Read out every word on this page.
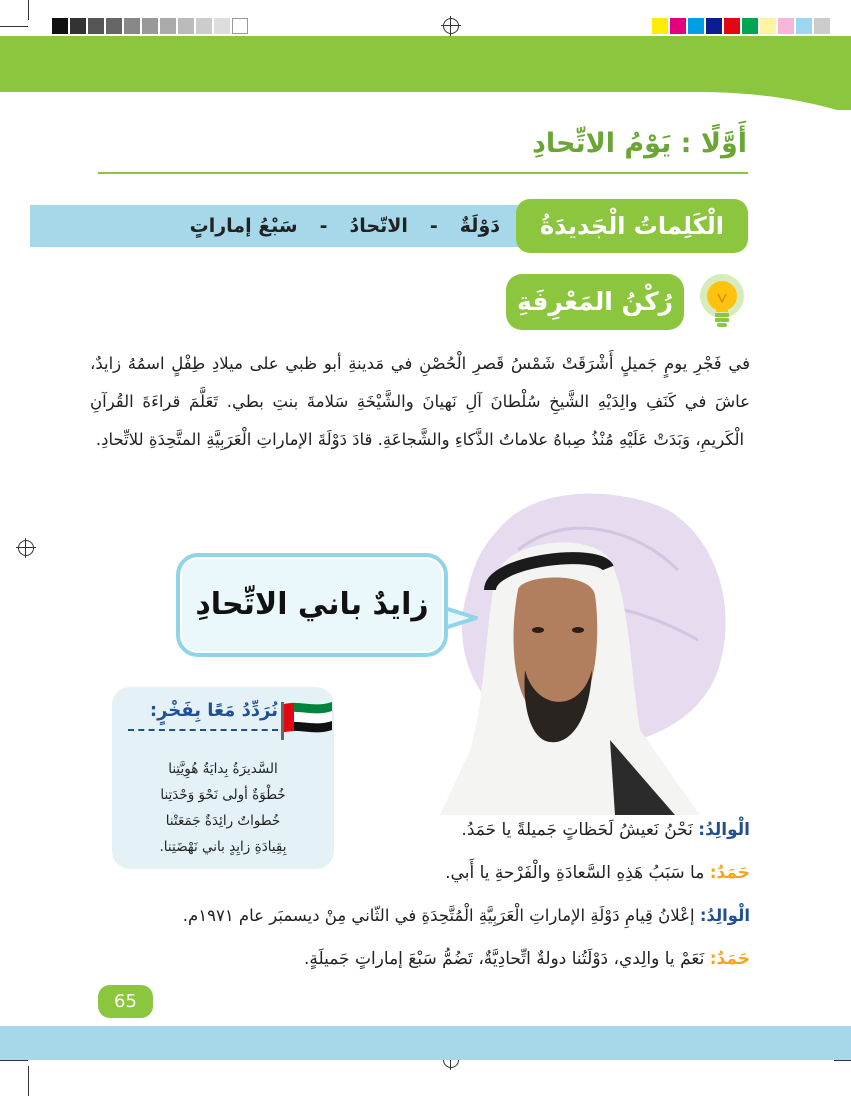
أَوَّلًا : يَوْمُ الاتِّحادِ
الْكَلِماتُ الْجَديدَةُ
دَوْلَةٌ
-
الاتّحادُ
-
سَبْعُ إماراتٍ
رُكْنُ المَعْرِفَةِ
في فَجْرِ يومٍ جَميلٍ أَشْرَقَتْ شَمْسُ قَصرِ الْحُصْنِ في مَدينةِ أبو ظبي على ميلادِ طِفْلٍ اسمُهُ زايدٌ، عاشَ في كَنَفِ والِدَيْهِ الشَّيخِ سُلْطانَ آلِ نَهيانَ والشَّيْخَةِ سَلامةَ بنتِ بطي. تَعَلَّمَ قراءَةَ القُرآنِ الْكَريمِ، وَبَدَتْ عَلَيْهِ مُنْذُ صِباهُ علاماتُ الذَّكاءِ والشَّجاعَةِ. قادَ دَوْلَةَ الإماراتِ الْعَرَبِيَّةِ المتَّحِدَةِ للاتِّحادِ.
زايدٌ باني الاتِّحادِ
نُرَدِّدُ مَعًا بِفَخْرٍ:
السَّديرَةُ بِدايَةُ هُوِيَّتِنا
خُطْوَةٌ أولى نَحْوَ وَحْدَتِنا
خُطواتٌ رائِدَةٌ جَمَعَتْنا
بِقِيادَةِ زايِدٍ باني نَهْضَتِنا.
الْوالِدُ: نَحْنُ نَعيشُ لَحَظاتٍ جَميلةً يا حَمَدُ.
حَمَدٌ: ما سَبَبُ هَذِهِ السَّعادَةِ والْفَرْحةِ يا أَبي.
الْوالِدُ: إعْلانُ قِيامِ دَوْلَةِ الإماراتِ الْعَرَبِيَّةِ الْمُتَّحِدَةِ في الثّاني مِنْ ديسمبَر عام ١٩٧١م.
حَمَدٌ: نَعَمْ يا والِدي، دَوْلَتُنا دولةٌ اتِّحادِيَّةٌ، تَضُمُّ سَبْعَ إماراتٍ جَميلَةٍ.
65
